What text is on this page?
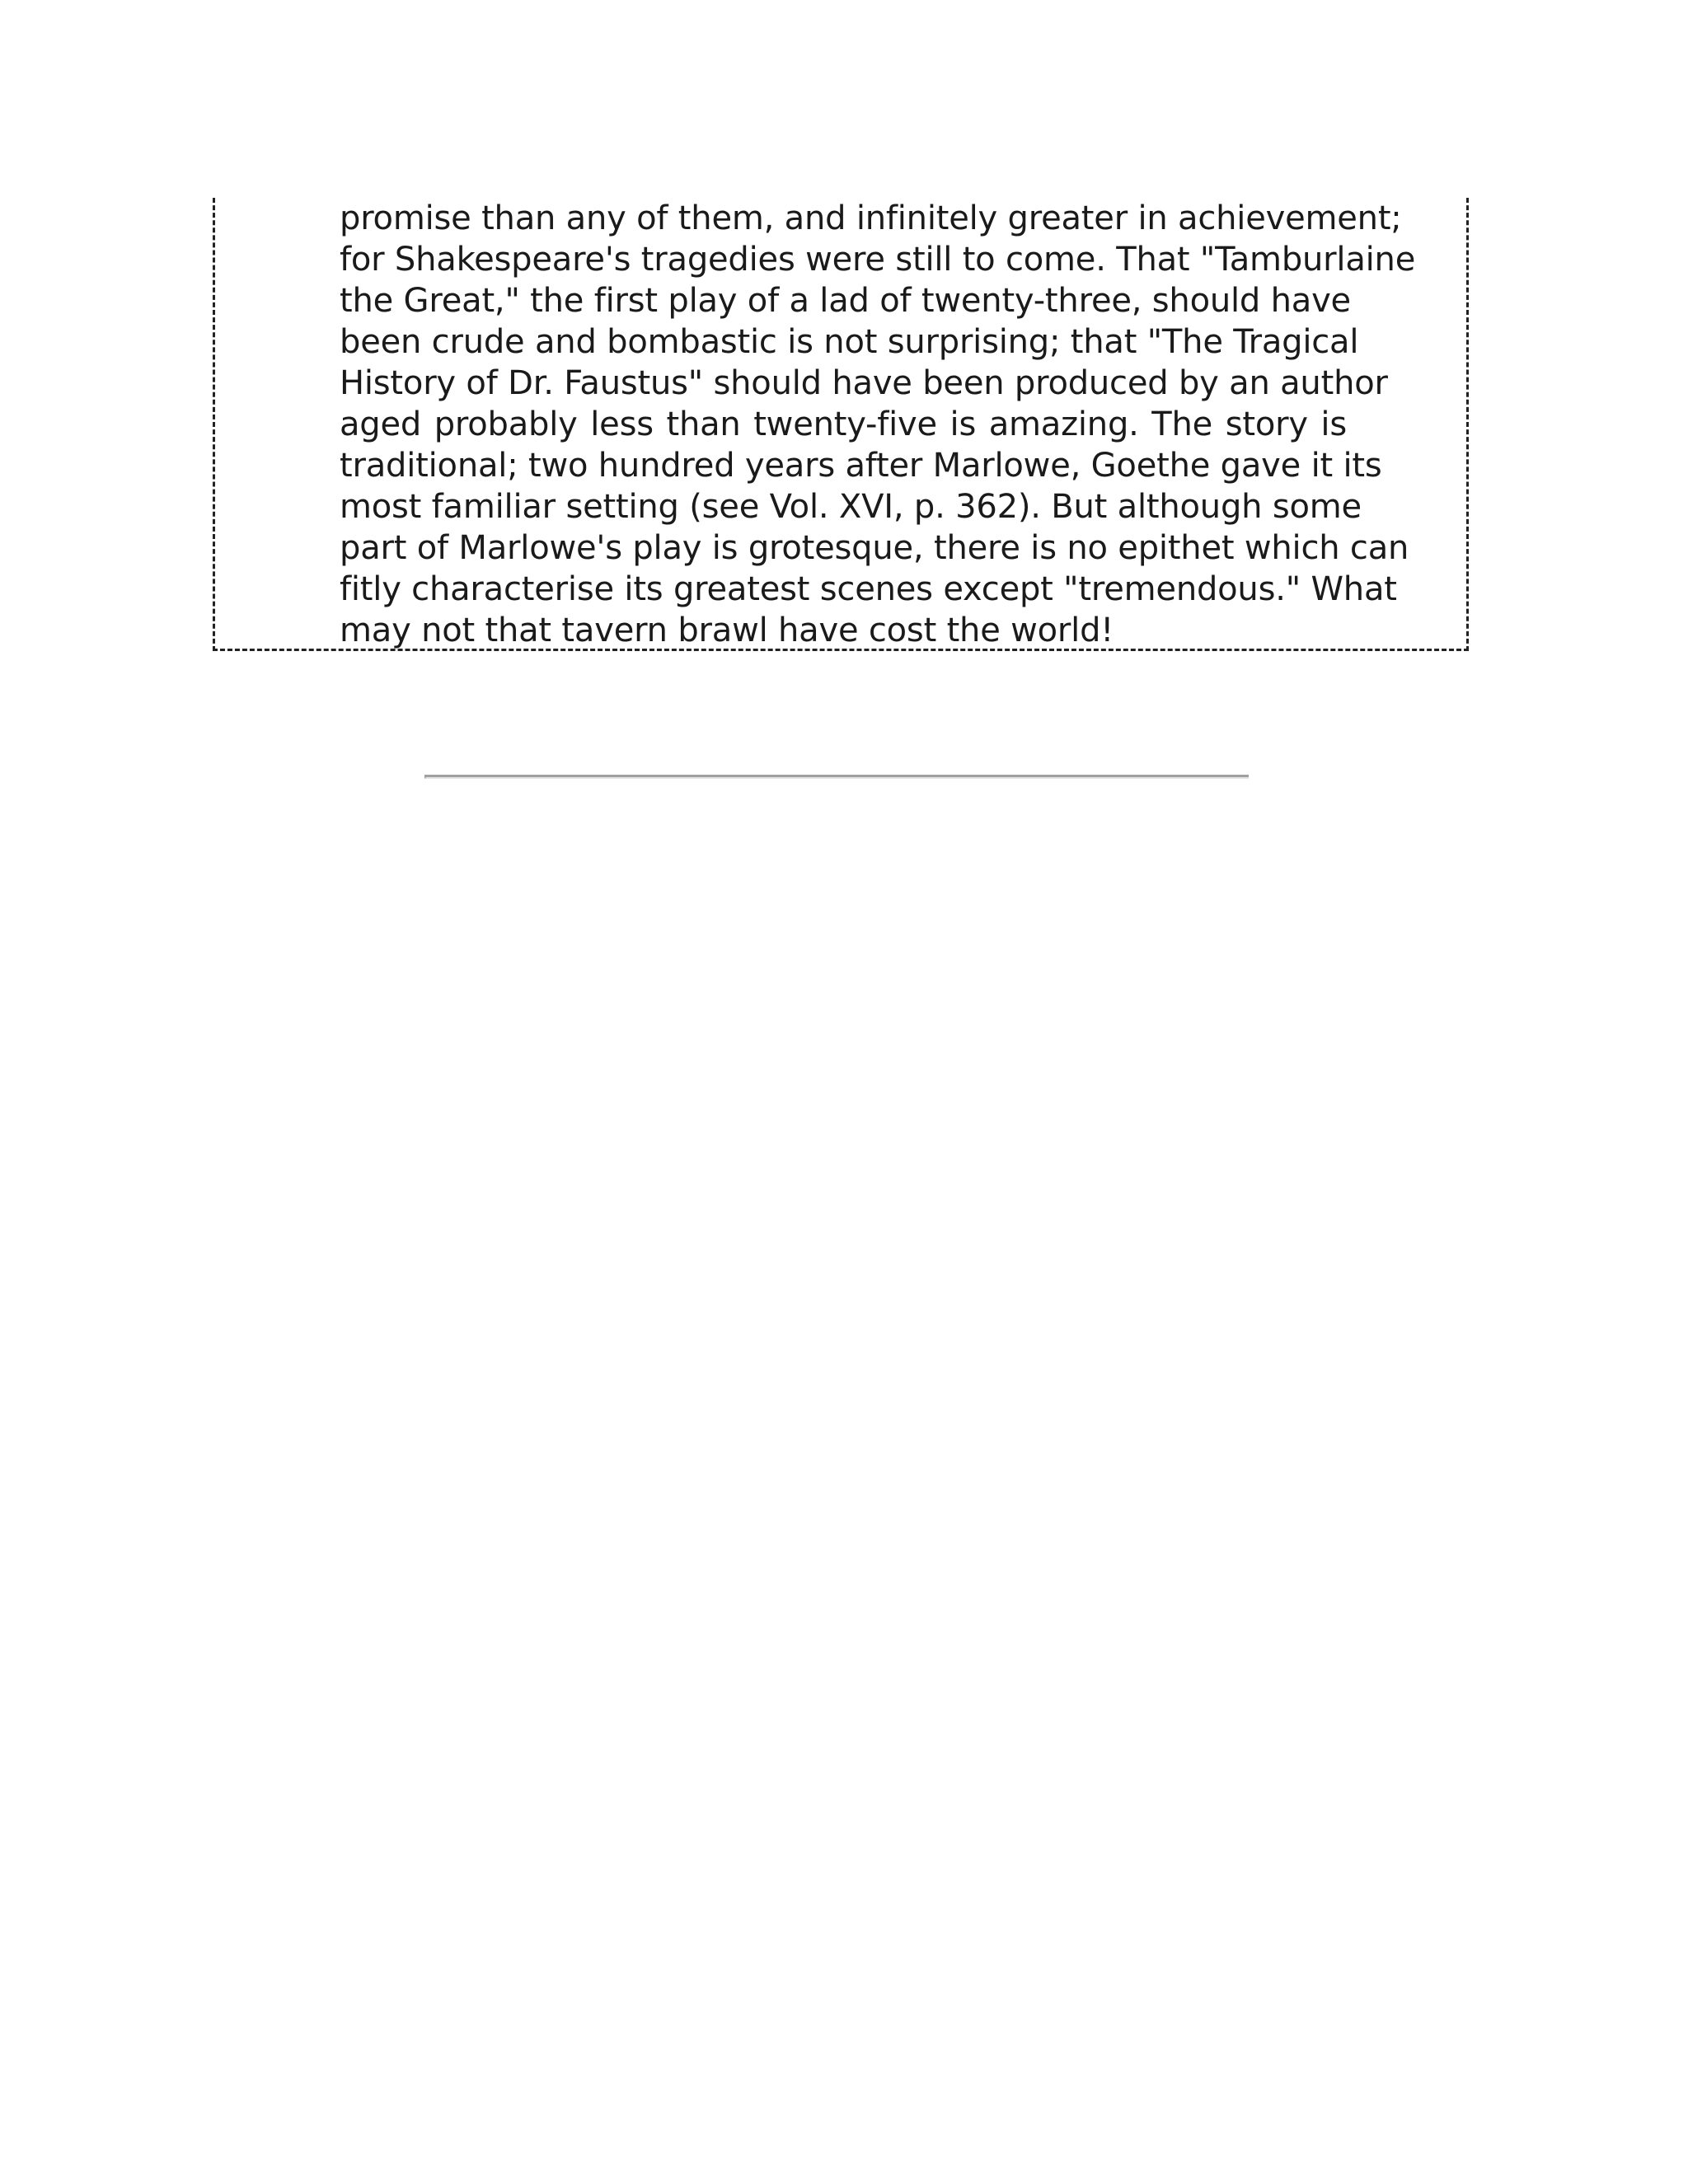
promise than any of them, and infinitely greater in achievement;
for Shakespeare's tragedies were still to come. That "Tamburlaine
the Great," the first play of a lad of twenty-three, should have
been crude and bombastic is not surprising; that "The Tragical
History of Dr. Faustus" should have been produced by an author
aged probably less than twenty-five is amazing. The story is
traditional; two hundred years after Marlowe, Goethe gave it its
most familiar setting (see Vol. XVI, p. 362). But although some
part of Marlowe's play is grotesque, there is no epithet which can
fitly characterise its greatest scenes except "tremendous." What
may not that tavern brawl have cost the world!
